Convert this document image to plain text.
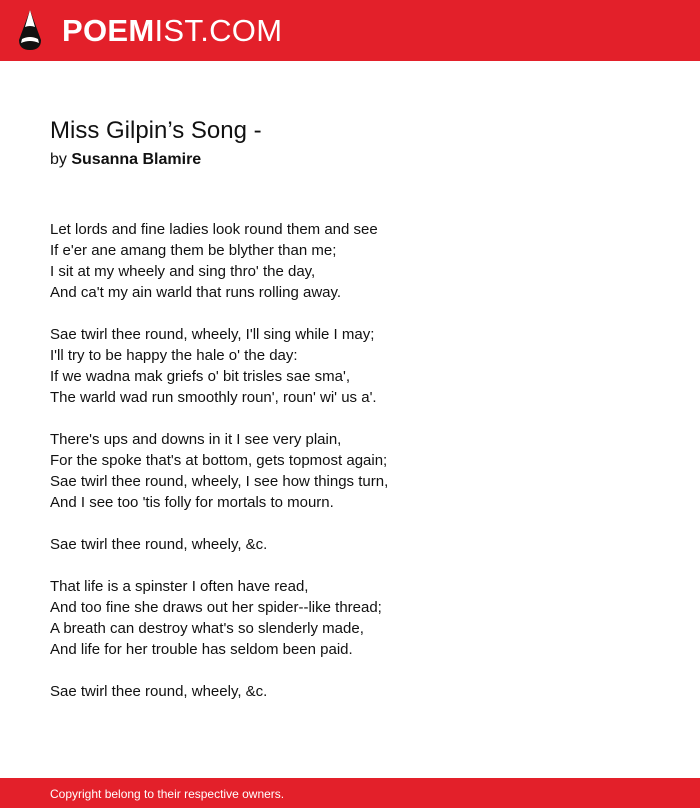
POEMIST.COM
Miss Gilpin’s Song -

by Susanna Blamire

Let lords and fine ladies look round them and see
If e'er ane amang them be blyther than me;
I sit at my wheely and sing thro' the day,
And ca't my ain warld that runs rolling away.
Sae twirl thee round, wheely, I'll sing while I may;
I'll try to be happy the hale o' the day:
If we wadna mak griefs o' bit trisles sae sma',
The warld wad run smoothly roun', roun' wi' us a'.
There's ups and downs in it I see very plain,
For the spoke that's at bottom, gets topmost again;
Sae twirl thee round, wheely, I see how things turn,
And I see too 'tis folly for mortals to mourn.
Sae twirl thee round, wheely, &c.
That life is a spinster I often have read,
And too fine she draws out her spider--like thread;
A breath can destroy what's so slenderly made,
And life for her trouble has seldom been paid.
Sae twirl thee round, wheely, &c.
Copyright belong to their respective owners.
